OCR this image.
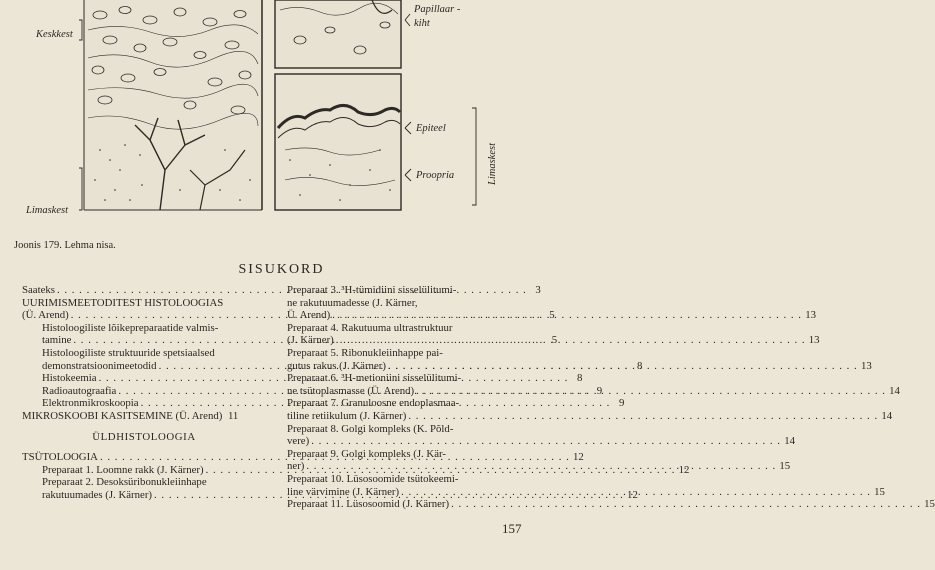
Keskkest
Limaskest
Papillaar -
kiht
Epiteel
Proopria	Limaskest
Joonis 179. Lehma nisa.
SISUKORD
Saateks . . .	3
UURIMISMEETODITEST HISTOLOOGIAS
(Ü. Arend) . . .	5
Histoloogiliste lõikepreparaatide valmis-
tamine . . .	5
Histoloogiliste struktuuride spetsiaalsed
demonstratsioonimeetodid . . .	8
Histokeemia . . .	8
Radioautograafia . . .	9
Elektronmikroskoopia . . .	9
MIKROSKOOBI KASITSEMINE (Ü. Arend) 11
ÜLDHISTOLOOGIA
TSÜTOLOOGIA . . .	12
Preparaat 1. Loomne rakk (J. Kärner) . . .	12
Preparaat 2. Desoksüribonukleiinhape
rakutuumades (J. Kärner) . . .	12
Preparaat 3. ³H-tümidiini sisselülitumi-
ne rakutuumadesse (J. Kärner,
Ü. Arend) . . .	13
Preparaat 4. Rakutuuma ultrastruktuur
(J. Kärner) . . .	13
Preparaat 5. Ribonukleiinhappe pai-
gutus rakus (J. Kärner) . . .	13
Preparaat 6. ³H-metioniini sisselülitumi-
ne tsütoplasmasse (Ü. Arend) . . .	14
Preparaat 7. Granuloosne endoplasmaa-
tiline retiikulum (J. Kärner) . . .	14
Preparaat 8. Golgi kompleks (K. Põld-
vere) . . .	14
Preparaat 9. Golgi kompleks (J. Kär-
ner) . . .	15
Preparaat 10. Lüsosoomide tsütokeemi-
line värvimine (J. Kärner) . . .	15
Preparaat 11. Lüsosoomid (J. Kärner) . . .	15
157
